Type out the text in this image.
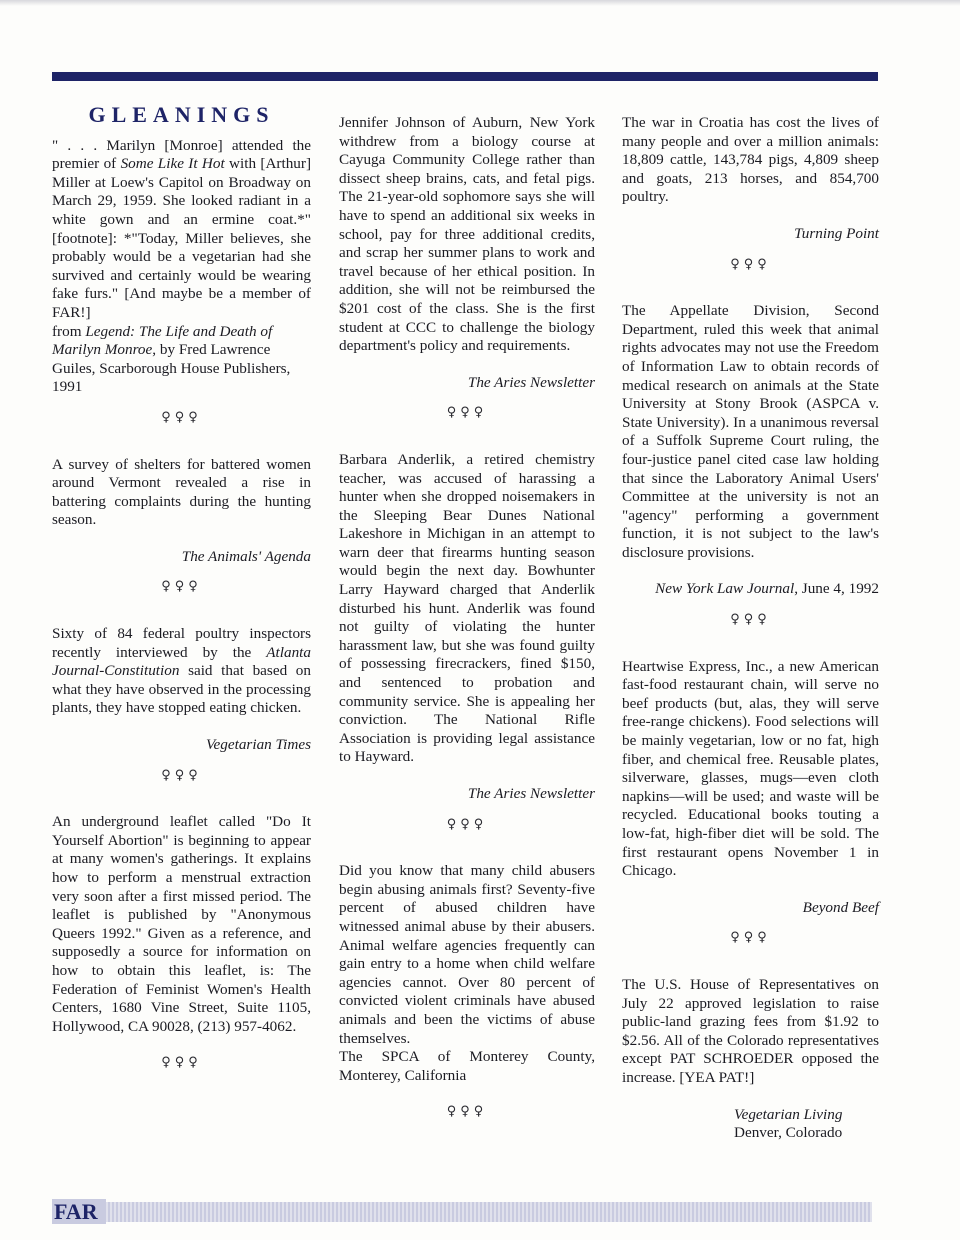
GLEANINGS

" . . . Marilyn [Monroe] attended the premier of Some Like It Hot with [Arthur] Miller at Loew's Capitol on Broadway on March 29, 1959. She looked radiant in a white gown and an ermine coat.*" [footnote]: *"Today, Miller believes, she probably would be a vegetarian had she survived and certainly would be wearing fake furs." [And maybe be a member of FAR!]

from Legend: The Life and Death of Marilyn Monroe, by Fred Lawrence Guiles, Scarborough House Publishers, 1991

♀♀♀

A survey of shelters for battered women around Vermont revealed a rise in battering complaints during the hunting season.

The Animals' Agenda

♀♀♀

Sixty of 84 federal poultry inspectors recently interviewed by the Atlanta Journal-Constitution said that based on what they have observed in the processing plants, they have stopped eating chicken.

Vegetarian Times

♀♀♀

An underground leaflet called "Do It Yourself Abortion" is beginning to appear at many women's gatherings. It explains how to perform a menstrual extraction very soon after a first missed period. The leaflet is published by "Anonymous Queers 1992." Given as a reference, and supposedly a source for information on how to obtain this leaflet, is: The Federation of Feminist Women's Health Centers, 1680 Vine Street, Suite 1105, Hollywood, CA 90028, (213) 957-4062.

♀♀♀

Jennifer Johnson of Auburn, New York withdrew from a biology course at Cayuga Community College rather than dissect sheep brains, cats, and fetal pigs. The 21-year-old sophomore says she will have to spend an additional six weeks in school, pay for three additional credits, and scrap her summer plans to work and travel because of her ethical position. In addition, she will not be reimbursed the $201 cost of the class. She is the first student at CCC to challenge the biology department's policy and requirements.

The Aries Newsletter

♀♀♀

Barbara Anderlik, a retired chemistry teacher, was accused of harassing a hunter when she dropped noisemakers in the Sleeping Bear Dunes National Lakeshore in Michigan in an attempt to warn deer that firearms hunting season would begin the next day. Bowhunter Larry Hayward charged that Anderlik disturbed his hunt. Anderlik was found not guilty of violating the hunter harassment law, but she was found guilty of possessing firecrackers, fined $150, and sentenced to probation and community service. She is appealing her conviction. The National Rifle Association is providing legal assistance to Hayward.

The Aries Newsletter

♀♀♀

Did you know that many child abusers begin abusing animals first? Seventy-five percent of abused children have witnessed animal abuse by their abusers. Animal welfare agencies frequently can gain entry to a home when child welfare agencies cannot. Over 80 percent of convicted violent criminals have abused animals and been the victims of abuse themselves.

The SPCA of Monterey County, Monterey, California

♀♀♀

The war in Croatia has cost the lives of many people and over a million animals: 18,809 cattle, 143,784 pigs, 4,809 sheep and goats, 213 horses, and 854,700 poultry.

Turning Point

♀♀♀

The Appellate Division, Second Department, ruled this week that animal rights advocates may not use the Freedom of Information Law to obtain records of medical research on animals at the State University at Stony Brook (ASPCA v. State University). In a unanimous reversal of a Suffolk Supreme Court ruling, the four-justice panel cited case law holding that since the Laboratory Animal Users' Committee at the university is not an "agency" performing a government function, it is not subject to the law's disclosure provisions.

New York Law Journal, June 4, 1992

♀♀♀

Heartwise Express, Inc., a new American fast-food restaurant chain, will serve no beef products (but, alas, they will serve free-range chickens). Food selections will be mainly vegetarian, low or no fat, high fiber, and chemical free. Reusable plates, silverware, glasses, mugs—even cloth napkins—will be used; and waste will be recycled. Educational books touting a low-fat, high-fiber diet will be sold. The first restaurant opens November 1 in Chicago.

Beyond Beef

♀♀♀

The U.S. House of Representatives on July 22 approved legislation to raise public-land grazing fees from $1.92 to $2.56. All of the Colorado representatives except PAT SCHROEDER opposed the increase. [YEA PAT!]

Vegetarian Living
Denver, Colorado
FAR
